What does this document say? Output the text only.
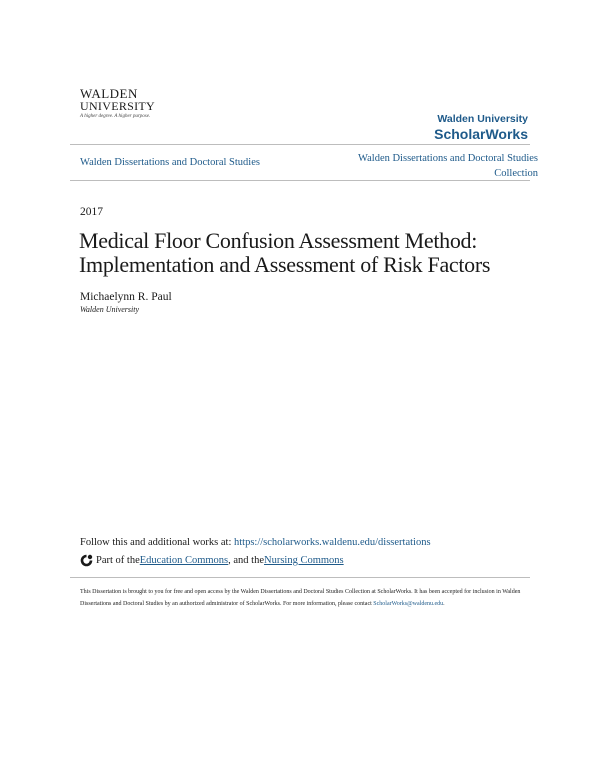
WALDEN
UNIVERSITY
A higher degree. A higher purpose.	Walden University
ScholarWorks
Walden Dissertations and Doctoral Studies	Walden Dissertations and Doctoral Studies
Collection
2017
Medical Floor Confusion Assessment Method: Implementation and Assessment of Risk Factors
Michaelynn R. Paul
Walden University
Follow this and additional works at: https://scholarworks.waldenu.edu/dissertations
Part of the Education Commons , and the Nursing Commons
This Dissertation is brought to you for free and open access by the Walden Dissertations and Doctoral Studies Collection at ScholarWorks. It has been accepted for inclusion in Walden Dissertations and Doctoral Studies by an authorized administrator of ScholarWorks. For more information, please contact ScholarWorks@waldenu.edu.
